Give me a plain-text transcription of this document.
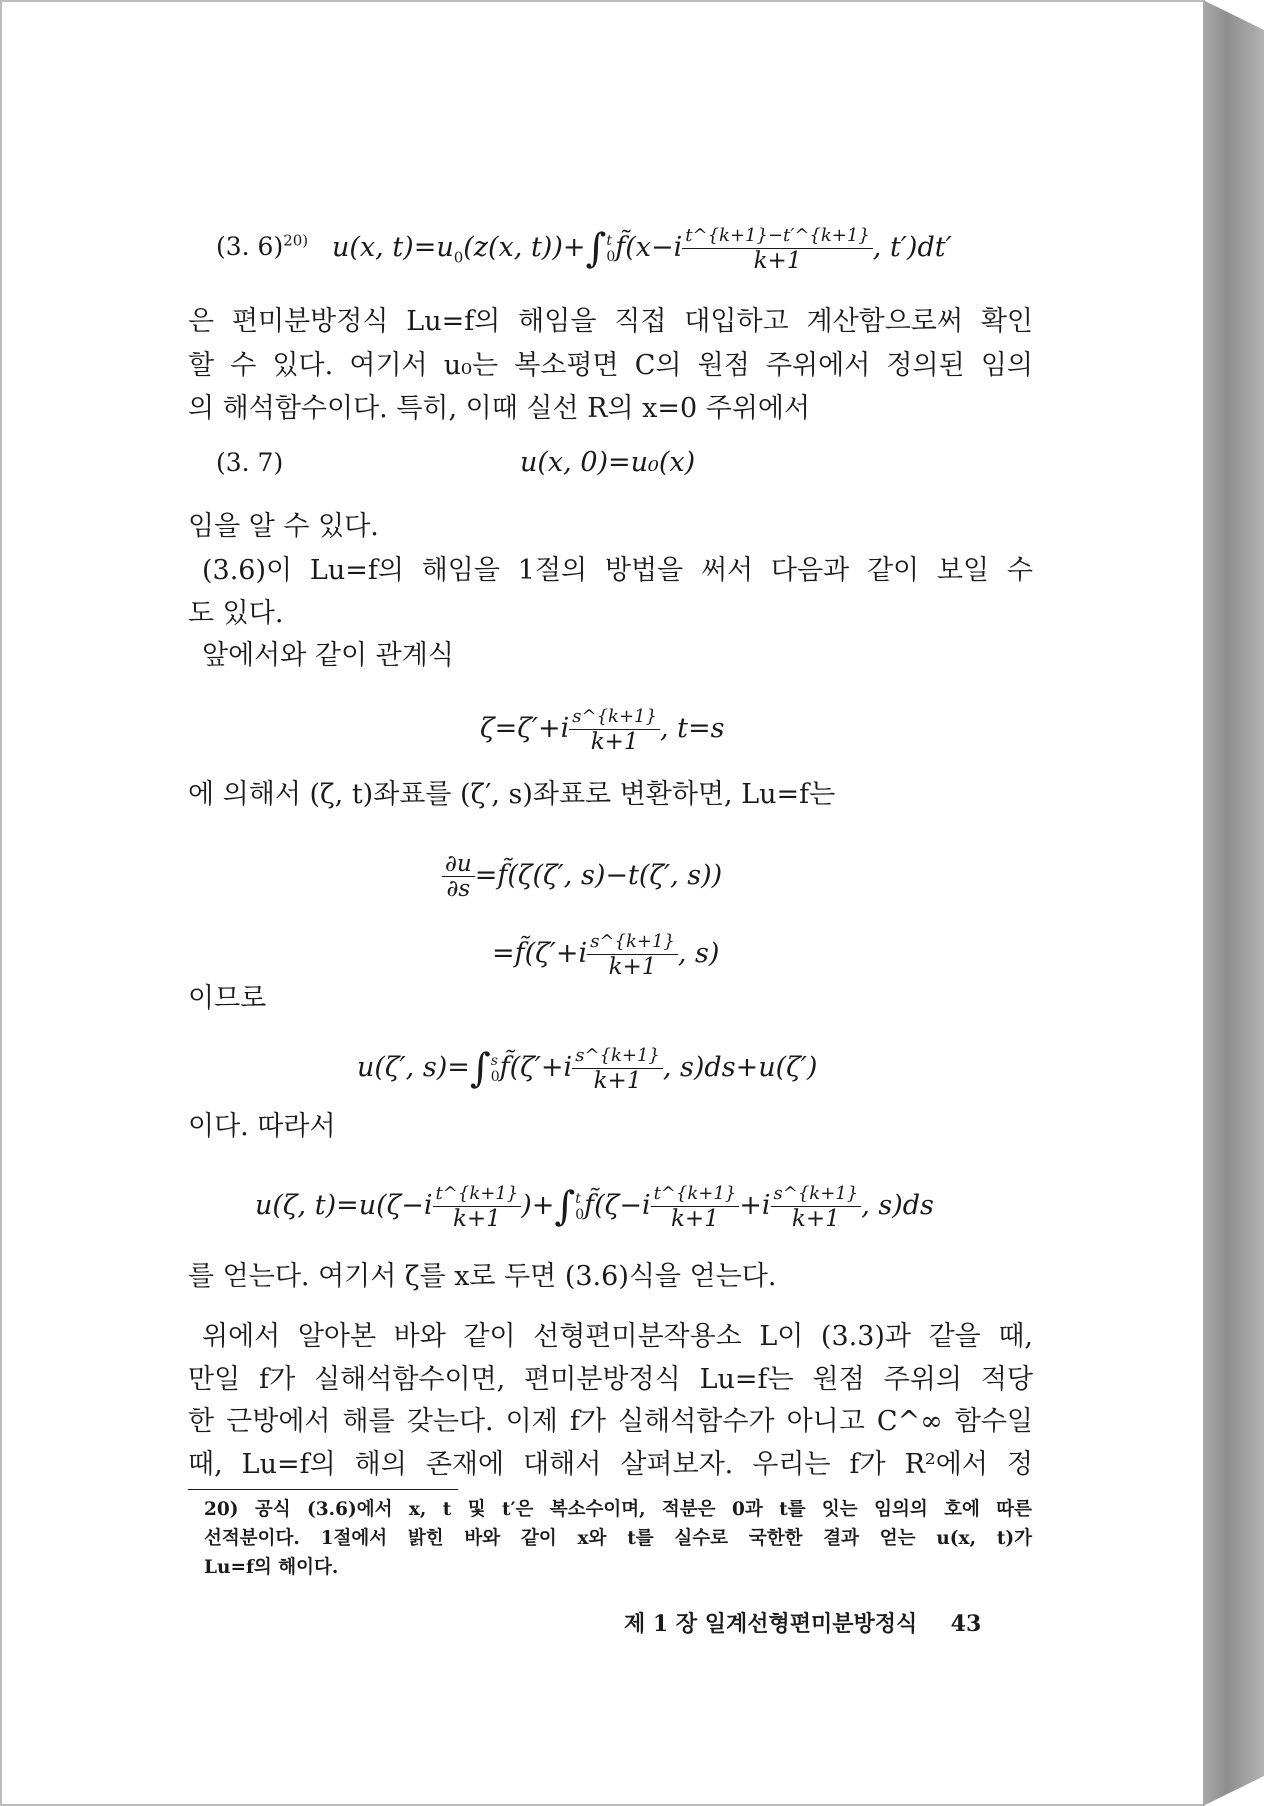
(3. 6)$^{20)}$ u(x, $t)=u_0(z(x$, t))+∫ t
0 f̃(x−i $\frac{t\^{}\{k+1\}-t'\^{}\{k+1\}}{k+1}$ , t′)dt′
은 편미분방정식 Lu=f의 해임을 직접 대입하고 계산함으로써 확인
할 수 있다. 여기서 u₀는 복소평면 C의 원점 주위에서 정의된 임의
의 해석함수이다. 특히, 이때 실선 R의 x=0 주위에서
(3. 7)	u(x, 0)=u₀(x)
임을 알 수 있다.
(3.6)이 Lu=f의 해임을 1절의 방법을 써서 다음과 같이 보일 수
도 있다.
앞에서와 같이 관계식
$\zeta=\zeta'+i \frac{s\^{}\{k+1\}}{k+1}$ , t=s
에 의해서 (ζ, t)좌표를 (ζ′, s)좌표로 변환하면, Lu=f는
$\frac{\partial u}{\partial s}$ =f̃(ζ(ζ′, s)−t(ζ′, s))
=f̃(ζ′+i $\frac{s\^{}\{k+1\}}{k+1}$ , s)
이므로
u(ζ′, s)=∫ s
0 f̃(ζ′+i $\frac{s\^{}\{k+1\}}{k+1}$ , s)ds+u(ζ′)
이다. 따라서
u(ζ, $t)=u(\zeta-i \frac{t\^{}\{k+1\}}{k+1}$ )+∫ t
0 f̃(ζ−i $\frac{t\^{}\{k+1\}}{k+1} +i \frac{s\^{}\{k+1\}}{k+1}$ , s)ds
를 얻는다. 여기서 ζ를 x로 두면 (3.6)식을 얻는다.
위에서 알아본 바와 같이 선형편미분작용소 L이 (3.3)과 같을 때,
만일 f가 실해석함수이면, 편미분방정식 Lu=f는 원점 주위의 적당
한 근방에서 해를 갖는다. 이제 f가 실해석함수가 아니고 C^∞ 함수일
때, Lu=f의 해의 존재에 대해서 살펴보자. 우리는 f가 R²에서 정
20) 공식 (3.6)에서 x, t 및 t′은 복소수이며, 적분은 0과 t를 잇는 임의의 호에 따른
선적분이다. 1절에서 밝힌 바와 같이 x와 t를 실수로 국한한 결과 얻는 u(x, t)가
Lu=f의 해이다.
제 1 장 일계선형편미분방정식 43
